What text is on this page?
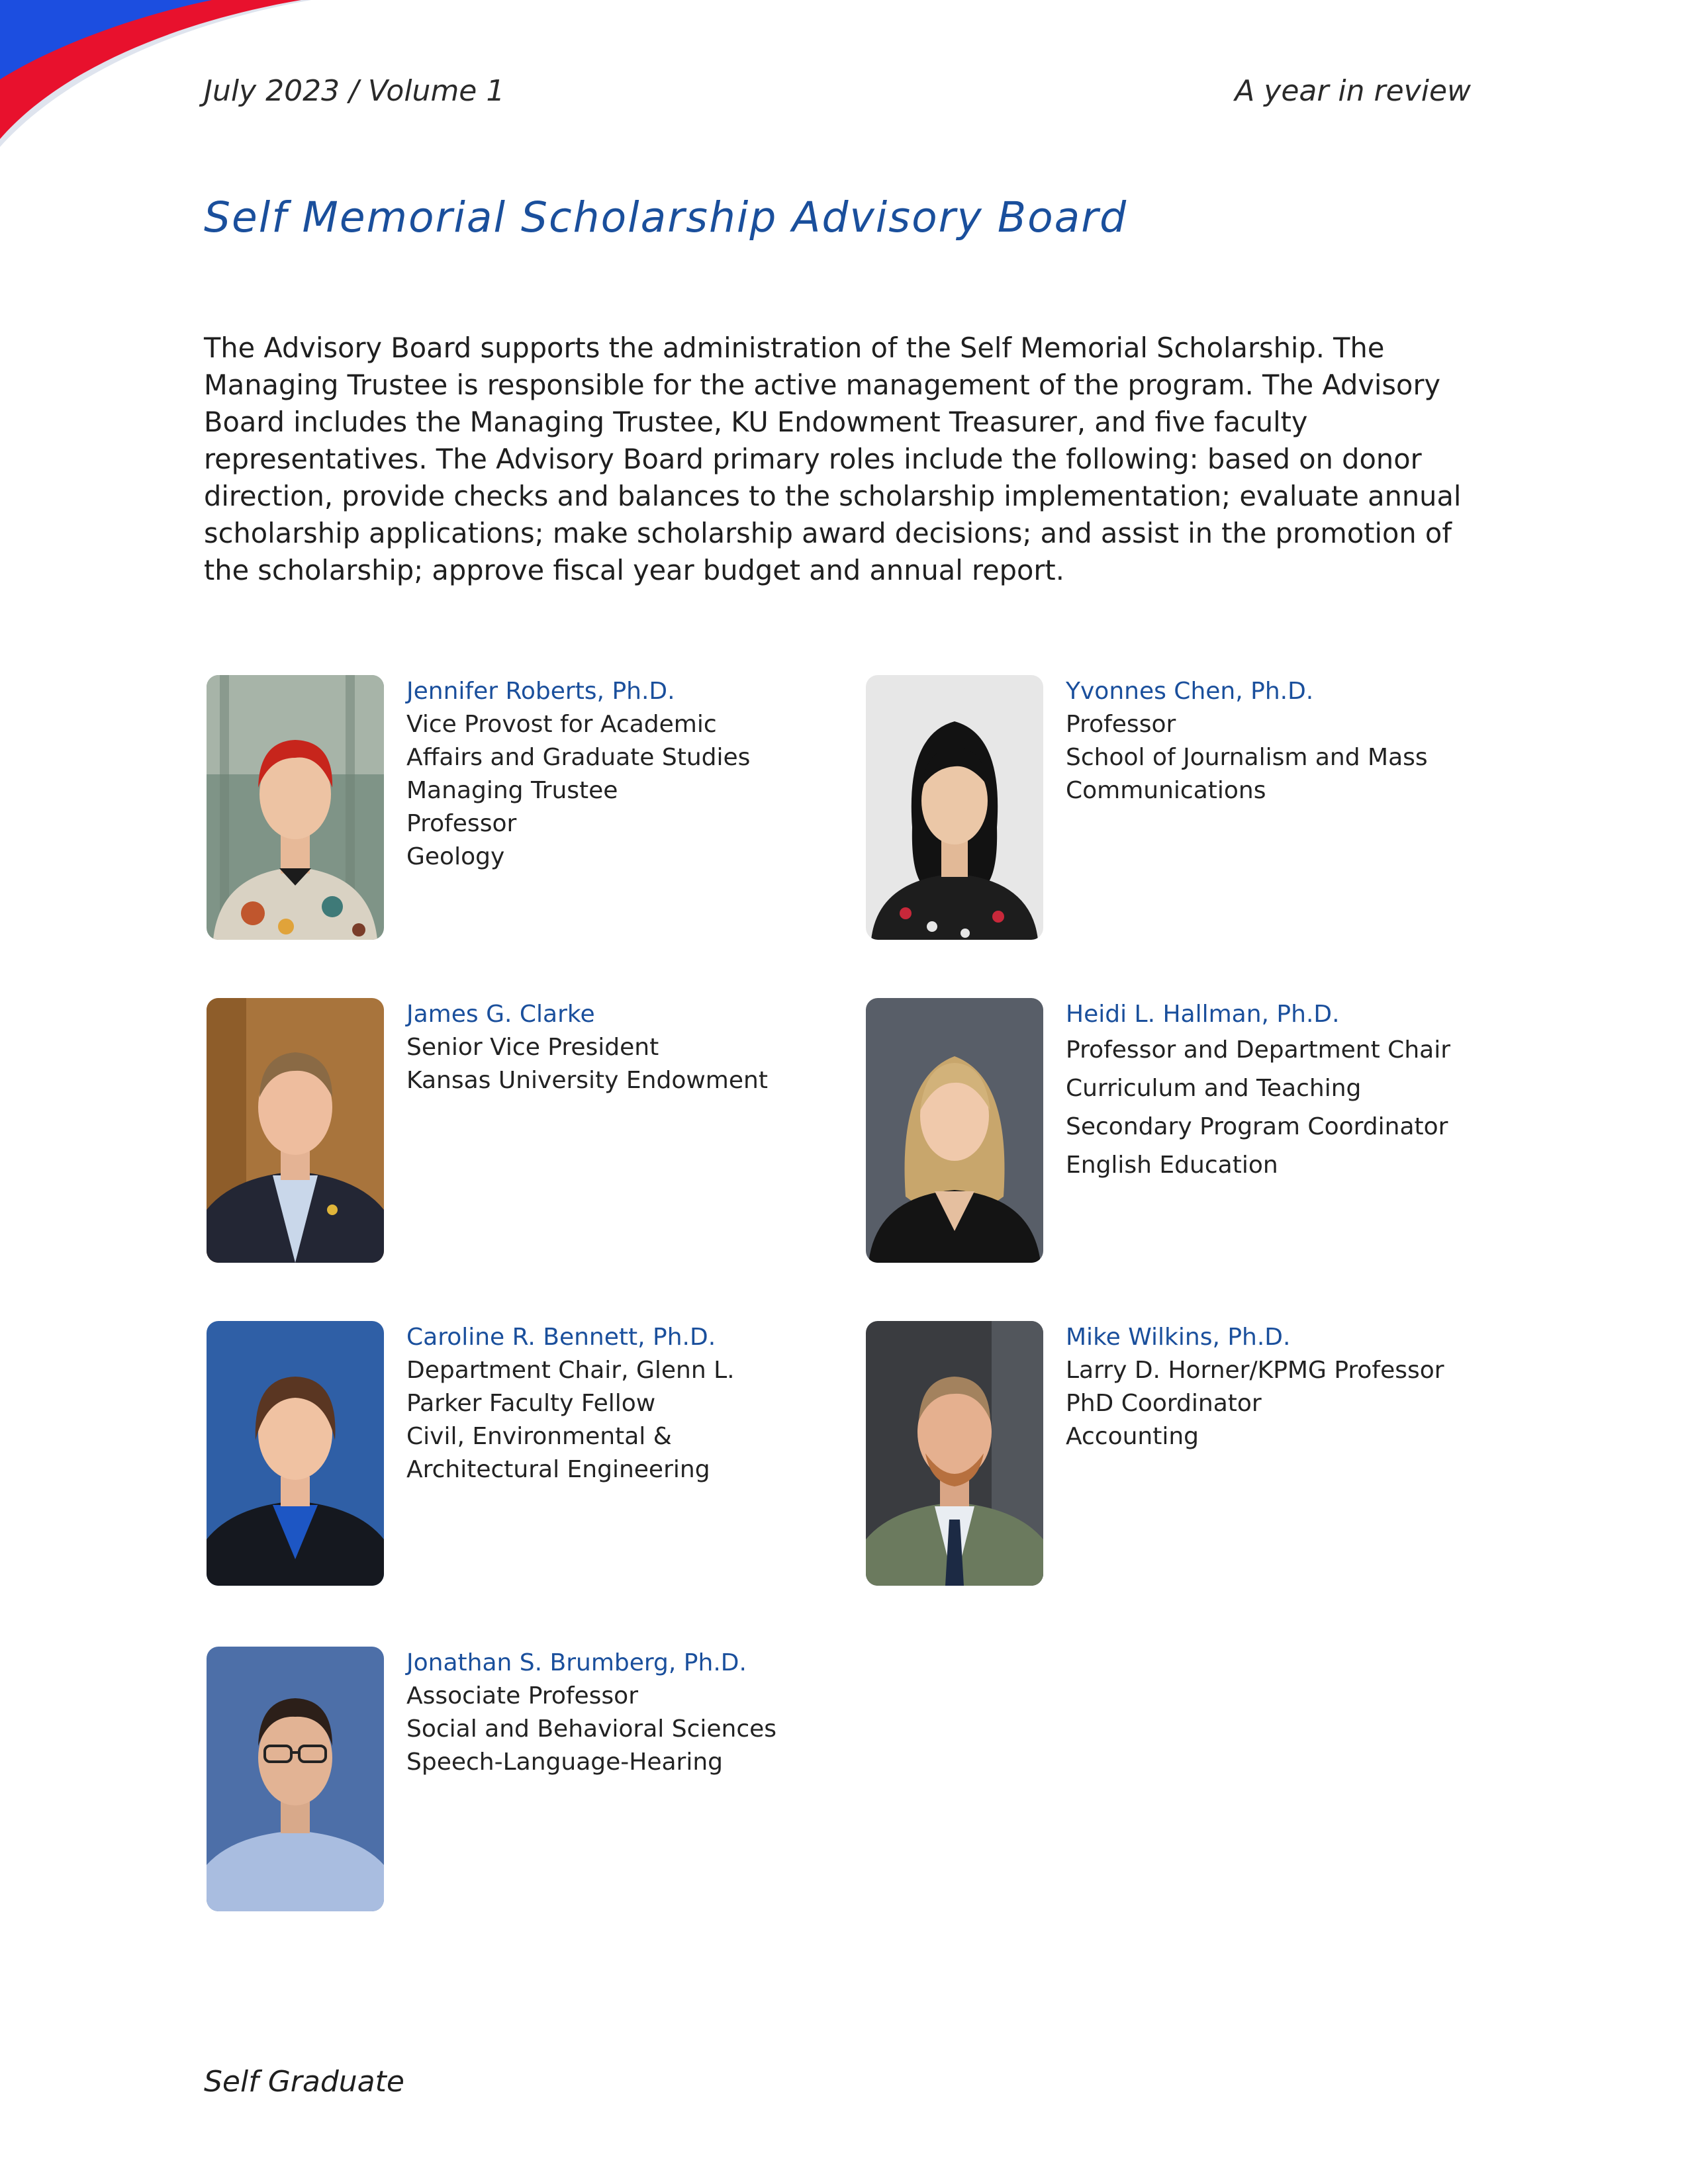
July 2023 / Volume 1	A year in review
Self Memorial Scholarship Advisory Board

The Advisory Board supports the administration of the Self Memorial Scholarship. The Managing Trustee is responsible for the active management of the program. The Advisory Board includes the Managing Trustee, KU Endowment Treasurer, and five faculty representatives. The Advisory Board primary roles include the following: based on donor direction, provide checks and balances to the scholarship implementation; evaluate annual scholarship applications; make scholarship award decisions; and assist in the promotion of the scholarship; approve fiscal year budget and annual report.

Jennifer Roberts, Ph.D.
Vice Provost for Academic
Affairs and Graduate Studies
Managing Trustee
Professor
Geology
Yvonnes Chen, Ph.D.
Professor
School of Journalism and Mass
Communications
James G. Clarke
Senior Vice President
Kansas University Endowment
Heidi L. Hallman, Ph.D.
Professor and Department Chair
Curriculum and Teaching
Secondary Program Coordinator
English Education
Caroline R. Bennett, Ph.D.
Department Chair, Glenn L.
Parker Faculty Fellow
Civil, Environmental &
Architectural Engineering
Mike Wilkins, Ph.D.
Larry D. Horner/KPMG Professor
PhD Coordinator
Accounting
Jonathan S. Brumberg, Ph.D.
Associate Professor
Social and Behavioral Sciences
Speech-Language-Hearing
Self Graduate
